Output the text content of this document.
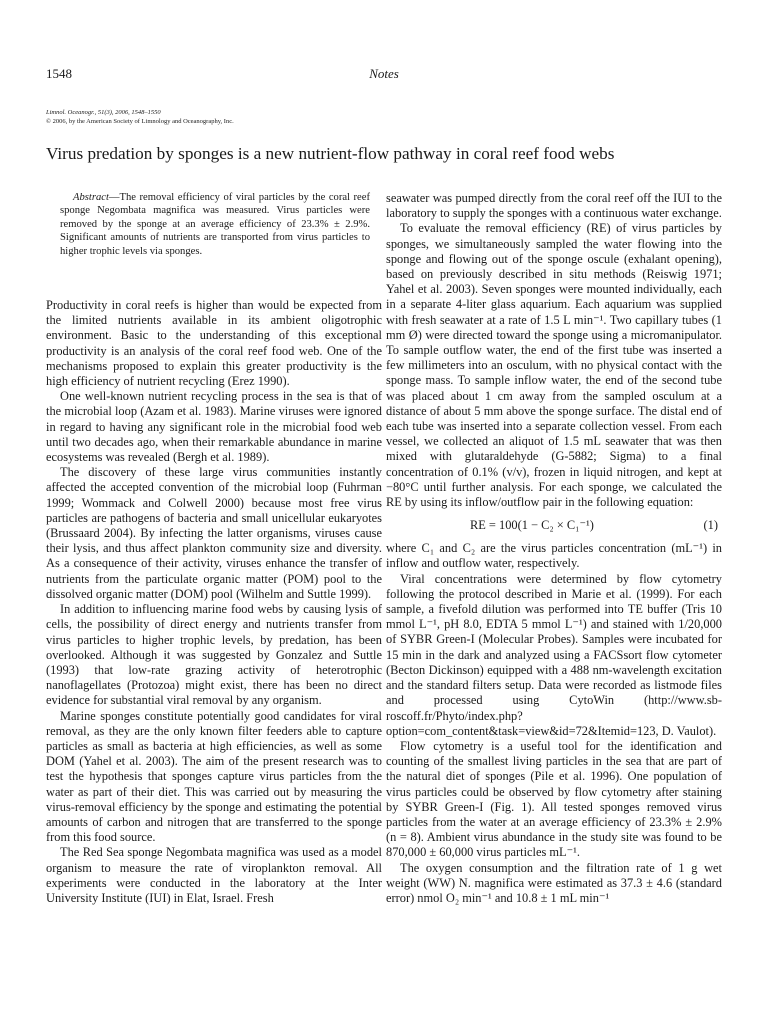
1548	Notes
Limnol. Oceanogr., 51(3), 2006, 1548–1550
© 2006, by the American Society of Limnology and Oceanography, Inc.
Virus predation by sponges is a new nutrient-flow pathway in coral reef food webs
Abstract—The removal efficiency of viral particles by the coral reef sponge Negombata magnifica was measured. Virus particles were removed by the sponge at an average efficiency of 23.3% ± 2.9%. Significant amounts of nutrients are transported from virus particles to higher trophic levels via sponges.

Productivity in coral reefs is higher than would be expected from the limited nutrients available in its ambient oligotrophic environment. Basic to the understanding of this exceptional productivity is an analysis of the coral reef food web. One of the mechanisms proposed to explain this greater productivity is the high efficiency of nutrient recycling (Erez 1990).

One well-known nutrient recycling process in the sea is that of the microbial loop (Azam et al. 1983). Marine viruses were ignored in regard to having any significant role in the microbial food web until two decades ago, when their remarkable abundance in marine ecosystems was revealed (Bergh et al. 1989).

The discovery of these large virus communities instantly affected the accepted convention of the microbial loop (Fuhrman 1999; Wommack and Colwell 2000) because most free virus particles are pathogens of bacteria and small unicellular eukaryotes (Brussaard 2004). By infecting the latter organisms, viruses cause their lysis, and thus affect plankton community size and diversity. As a consequence of their activity, viruses enhance the transfer of nutrients from the particulate organic matter (POM) pool to the dissolved organic matter (DOM) pool (Wilhelm and Suttle 1999).

In addition to influencing marine food webs by causing lysis of cells, the possibility of direct energy and nutrients transfer from virus particles to higher trophic levels, by predation, has been overlooked. Although it was suggested by Gonzalez and Suttle (1993) that low-rate grazing activity of heterotrophic nanoflagellates (Protozoa) might exist, there has been no direct evidence for substantial viral removal by any organism.

Marine sponges constitute potentially good candidates for viral removal, as they are the only known filter feeders able to capture particles as small as bacteria at high efficiencies, as well as some DOM (Yahel et al. 2003). The aim of the present research was to test the hypothesis that sponges capture virus particles from the water as part of their diet. This was carried out by measuring the virus-removal efficiency by the sponge and estimating the potential amounts of carbon and nitrogen that are transferred to the sponge from this food source.

The Red Sea sponge Negombata magnifica was used as a model organism to measure the rate of viroplankton removal. All experiments were conducted in the laboratory at the Inter University Institute (IUI) in Elat, Israel. Fresh

seawater was pumped directly from the coral reef off the IUI to the laboratory to supply the sponges with a continuous water exchange.

To evaluate the removal efficiency (RE) of virus particles by sponges, we simultaneously sampled the water flowing into the sponge and flowing out of the sponge oscule (exhalant opening), based on previously described in situ methods (Reiswig 1971; Yahel et al. 2003). Seven sponges were mounted individually, each in a separate 4-liter glass aquarium. Each aquarium was supplied with fresh seawater at a rate of 1.5 L min⁻¹. Two capillary tubes (1 mm Ø) were directed toward the sponge using a micromanipulator. To sample outflow water, the end of the first tube was inserted a few millimeters into an osculum, with no physical contact with the sponge mass. To sample inflow water, the end of the second tube was placed about 1 cm away from the sampled osculum at a distance of about 5 mm above the sponge surface. The distal end of each tube was inserted into a separate collection vessel. From each vessel, we collected an aliquot of 1.5 mL seawater that was then mixed with glutaraldehyde (G-5882; Sigma) to a final concentration of 0.1% (v/v), frozen in liquid nitrogen, and kept at −80°C until further analysis. For each sponge, we calculated the RE by using its inflow/outflow pair in the following equation:

RE = 100(1 − C₂ × C₁⁻¹)	(1)

where C₁ and C₂ are the virus particles concentration (mL⁻¹) in inflow and outflow water, respectively.

Viral concentrations were determined by flow cytometry following the protocol described in Marie et al. (1999). For each sample, a fivefold dilution was performed into TE buffer (Tris 10 mmol L⁻¹, pH 8.0, EDTA 5 mmol L⁻¹) and stained with 1/20,000 of SYBR Green-I (Molecular Probes). Samples were incubated for 15 min in the dark and analyzed using a FACSsort flow cytometer (Becton Dickinson) equipped with a 488 nm-wavelength excitation and the standard filters setup. Data were recorded as listmode files and processed using CytoWin (http://www.sb-roscoff.fr/Phyto/index.php?option=com_content&task=view&id=72&Itemid=123, D. Vaulot).

Flow cytometry is a useful tool for the identification and counting of the smallest living particles in the sea that are part of the natural diet of sponges (Pile et al. 1996). One population of virus particles could be observed by flow cytometry after staining by SYBR Green-I (Fig. 1). All tested sponges removed virus particles from the water at an average efficiency of 23.3% ± 2.9% (n = 8). Ambient virus abundance in the study site was found to be 870,000 ± 60,000 virus particles mL⁻¹.

The oxygen consumption and the filtration rate of 1 g wet weight (WW) N. magnifica were estimated as 37.3 ± 4.6 (standard error) nmol O₂ min⁻¹ and 10.8 ± 1 mL min⁻¹
